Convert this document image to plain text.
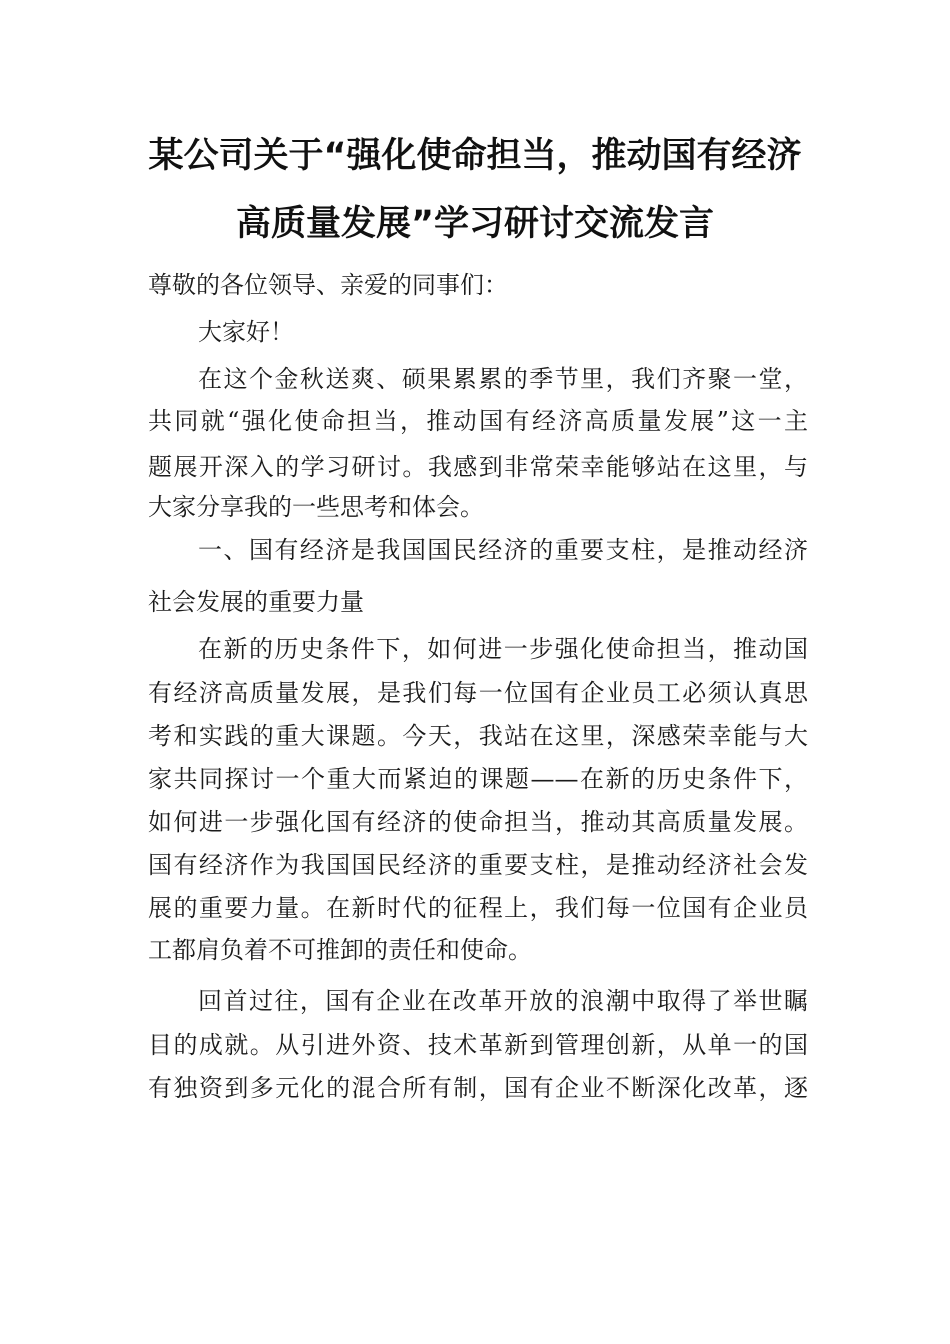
某公司关于“强化使命担当，推动国有经济
高质量发展”学习研讨交流发言
尊敬的各位领导、亲爱的同事们：
大家好！
在这个金秋送爽、硕果累累的季节里，我们齐聚一堂，
共同就“强化使命担当，推动国有经济高质量发展”这一主
题展开深入的学习研讨。我感到非常荣幸能够站在这里，与
大家分享我的一些思考和体会。
一、国有经济是我国国民经济的重要支柱，是推动经济
社会发展的重要力量
在新的历史条件下，如何进一步强化使命担当，推动国
有经济高质量发展，是我们每一位国有企业员工必须认真思
考和实践的重大课题。今天，我站在这里，深感荣幸能与大
家共同探讨一个重大而紧迫的课题——在新的历史条件下，
如何进一步强化国有经济的使命担当，推动其高质量发展。
国有经济作为我国国民经济的重要支柱，是推动经济社会发
展的重要力量。在新时代的征程上，我们每一位国有企业员
工都肩负着不可推卸的责任和使命。
回首过往，国有企业在改革开放的浪潮中取得了举世瞩
目的成就。从引进外资、技术革新到管理创新，从单一的国
有独资到多元化的混合所有制，国有企业不断深化改革，逐
